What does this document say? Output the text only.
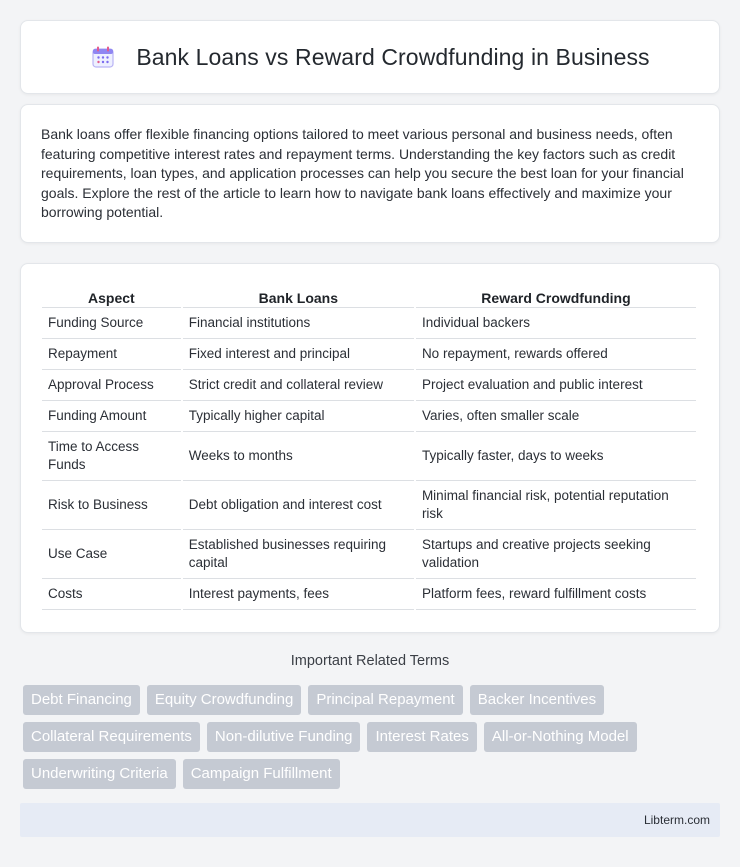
Bank Loans vs Reward Crowdfunding in Business

Bank loans offer flexible financing options tailored to meet various personal and business needs, often featuring competitive interest rates and repayment terms. Understanding the key factors such as credit requirements, loan types, and application processes can help you secure the best loan for your financial goals. Explore the rest of the article to learn how to navigate bank loans effectively and maximize your borrowing potential.

Aspect	Bank Loans	Reward Crowdfunding
Funding Source	Financial institutions	Individual backers
Repayment	Fixed interest and principal	No repayment, rewards offered
Approval Process	Strict credit and collateral review	Project evaluation and public interest
Funding Amount	Typically higher capital	Varies, often smaller scale
Time to Access Funds	Weeks to months	Typically faster, days to weeks
Risk to Business	Debt obligation and interest cost	Minimal financial risk, potential reputation risk
Use Case	Established businesses requiring capital	Startups and creative projects seeking validation
Costs	Interest payments, fees	Platform fees, reward fulfillment costs
Important Related Terms
Debt Financing	Equity Crowdfunding	Principal Repayment	Backer Incentives
Collateral Requirements	Non-dilutive Funding	Interest Rates	All-or-Nothing Model
Underwriting Criteria	Campaign Fulfillment
Libterm.com
